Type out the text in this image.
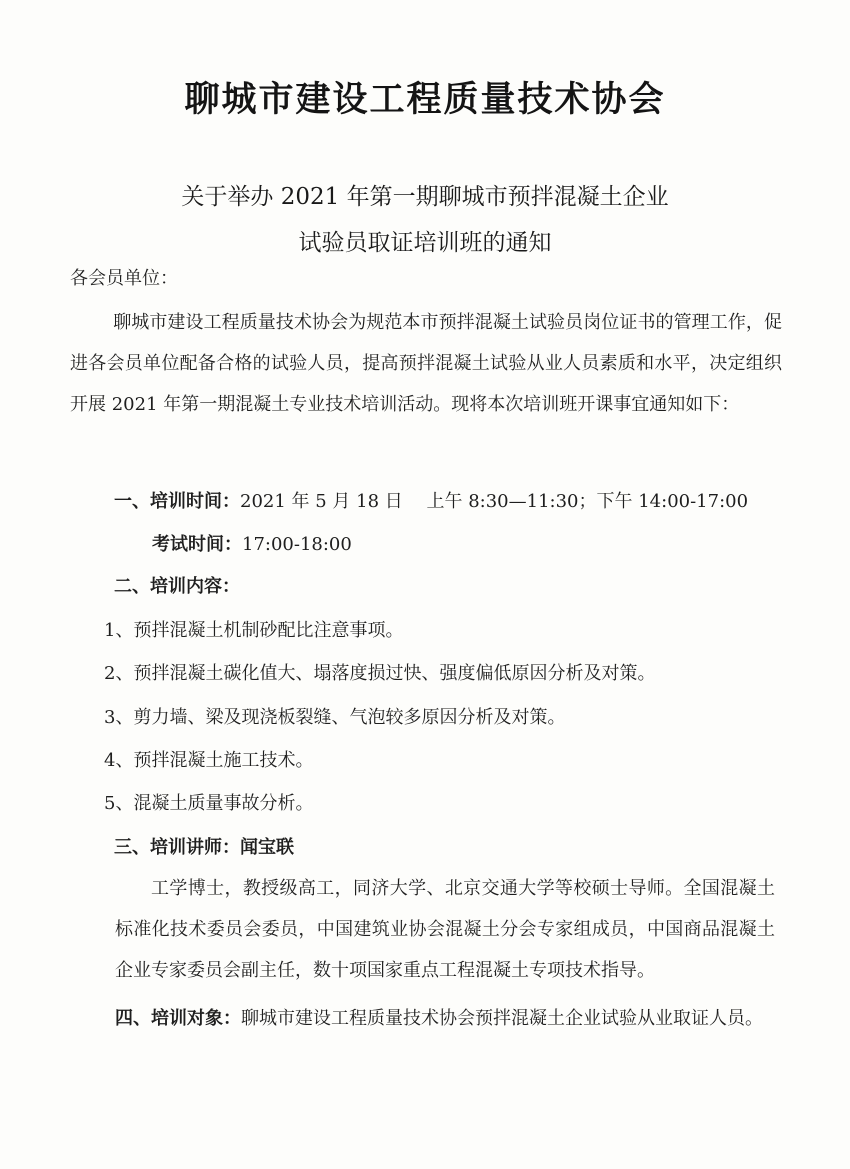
聊城市建设工程质量技术协会
关于举办 2021 年第一期聊城市预拌混凝土企业
试验员取证培训班的通知
各会员单位：
聊城市建设工程质量技术协会为规范本市预拌混凝土试验员岗位证书的管理工作，促进各会员单位配备合格的试验人员，提高预拌混凝土试验从业人员素质和水平，决定组织开展 2021 年第一期混凝土专业技术培训活动。现将本次培训班开课事宜通知如下：
一、培训时间：2021 年 5 月 18 日　 上午 8:30—11:30；下午 14:00-17:00
考试时间：17:00-18:00
二、培训内容：
1、预拌混凝土机制砂配比注意事项。
2、预拌混凝土碳化值大、塌落度损过快、强度偏低原因分析及对策。
3、剪力墙、梁及现浇板裂缝、气泡较多原因分析及对策。
4、预拌混凝土施工技术。
5、混凝土质量事故分析。
三、培训讲师：闻宝联
工学博士，教授级高工，同济大学、北京交通大学等校硕士导师。全国混凝土标准化技术委员会委员，中国建筑业协会混凝土分会专家组成员，中国商品混凝土企业专家委员会副主任，数十项国家重点工程混凝土专项技术指导。
四、培训对象：聊城市建设工程质量技术协会预拌混凝土企业试验从业取证人员。
